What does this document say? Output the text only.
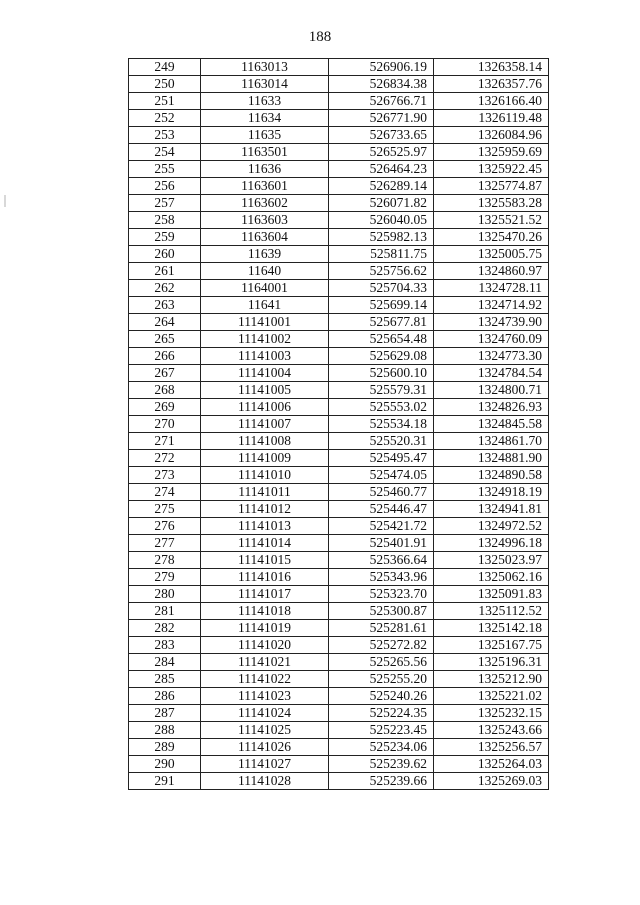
188
249	1163013	526906.19	1326358.14
250	1163014	526834.38	1326357.76
251	11633	526766.71	1326166.40
252	11634	526771.90	1326119.48
253	11635	526733.65	1326084.96
254	1163501	526525.97	1325959.69
255	11636	526464.23	1325922.45
256	1163601	526289.14	1325774.87
257	1163602	526071.82	1325583.28
258	1163603	526040.05	1325521.52
259	1163604	525982.13	1325470.26
260	11639	525811.75	1325005.75
261	11640	525756.62	1324860.97
262	1164001	525704.33	1324728.11
263	11641	525699.14	1324714.92
264	11141001	525677.81	1324739.90
265	11141002	525654.48	1324760.09
266	11141003	525629.08	1324773.30
267	11141004	525600.10	1324784.54
268	11141005	525579.31	1324800.71
269	11141006	525553.02	1324826.93
270	11141007	525534.18	1324845.58
271	11141008	525520.31	1324861.70
272	11141009	525495.47	1324881.90
273	11141010	525474.05	1324890.58
274	11141011	525460.77	1324918.19
275	11141012	525446.47	1324941.81
276	11141013	525421.72	1324972.52
277	11141014	525401.91	1324996.18
278	11141015	525366.64	1325023.97
279	11141016	525343.96	1325062.16
280	11141017	525323.70	1325091.83
281	11141018	525300.87	1325112.52
282	11141019	525281.61	1325142.18
283	11141020	525272.82	1325167.75
284	11141021	525265.56	1325196.31
285	11141022	525255.20	1325212.90
286	11141023	525240.26	1325221.02
287	11141024	525224.35	1325232.15
288	11141025	525223.45	1325243.66
289	11141026	525234.06	1325256.57
290	11141027	525239.62	1325264.03
291	11141028	525239.66	1325269.03
